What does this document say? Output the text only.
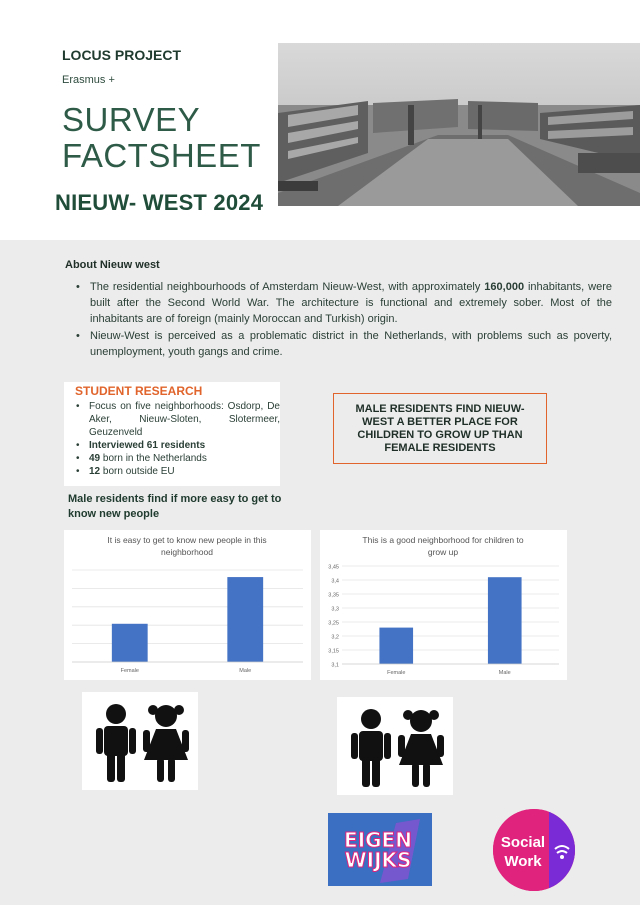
LOCUS PROJECT
Erasmus +
SURVEY
FACTSHEET
NIEUW- WEST 2024
About Nieuw west
• The residential neighbourhoods of Amsterdam Nieuw-West, with approximately 160,000 inhabitants, were built after the Second World War. The architecture is functional and extremely sober. Most of the inhabitants are of foreign (mainly Moroccan and Turkish) origin.
• Nieuw-West is perceived as a problematic district in the Netherlands, with problems such as poverty, unemployment, youth gangs and crime.
STUDENT RESEARCH
• Focus on five neighborhoods: Osdorp, De Aker, Nieuw-Sloten, Slotermeer, Geuzenveld
• Interviewed 61 residents
• 49 born in the Netherlands
• 12 born outside EU
MALE RESIDENTS FIND NIEUW-WEST A BETTER PLACE FOR CHILDREN TO GROW UP THAN FEMALE RESIDENTS
Male residents find if more easy to get to know new people
It is easy to get to know new people in this
neighborhood
Female	Male
This is a good neighborhood for children to
grow up
3,1
3,15
3,2
3,25
3,3
3,35
3,4
3,45
Female	Male
EIGEN
WIJKS
Social
Work
